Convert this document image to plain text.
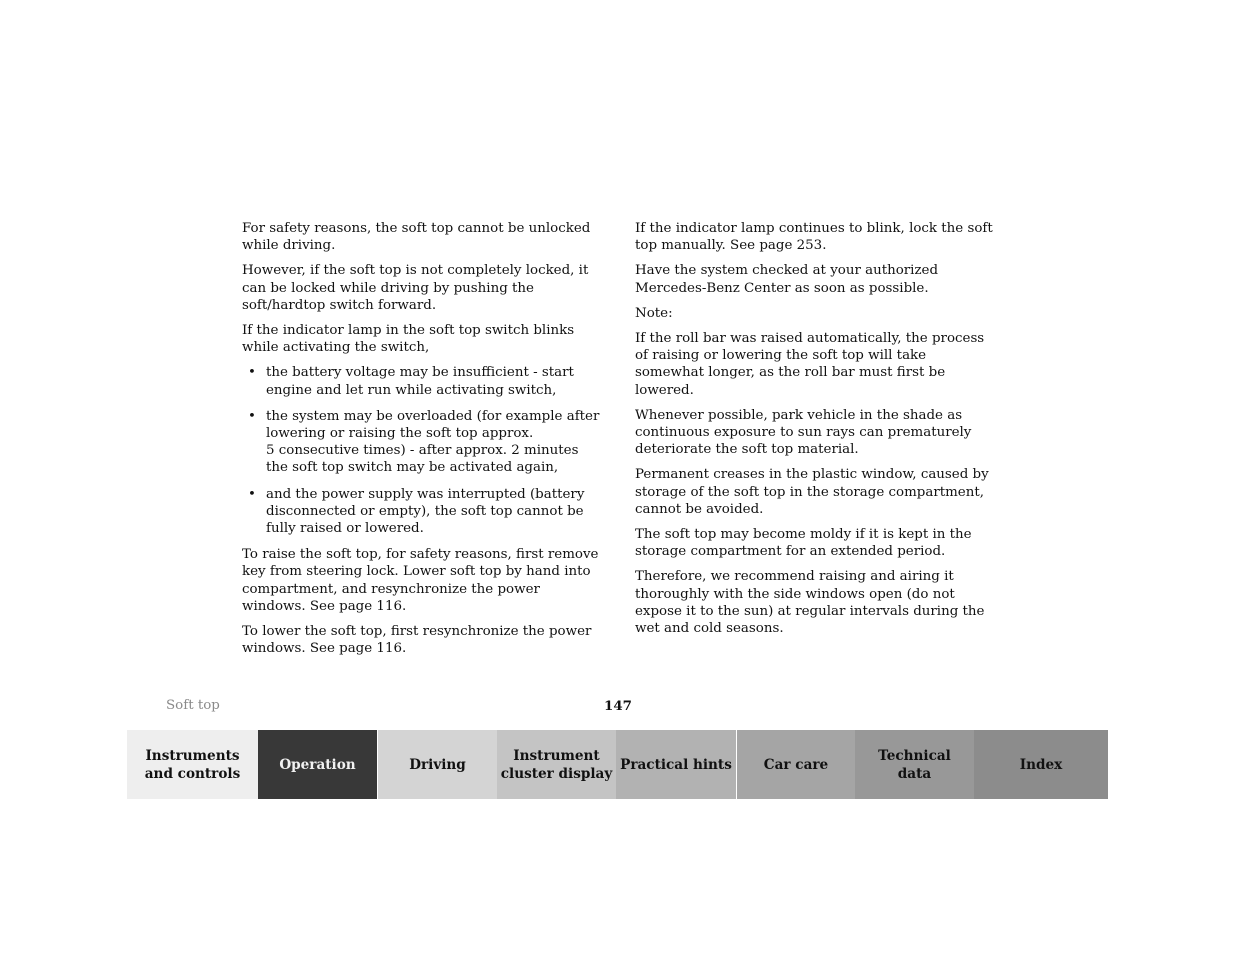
For safety reasons, the soft top cannot be unlocked while driving.

However, if the soft top is not completely locked, it can be locked while driving by pushing the soft/hardtop switch forward.

If the indicator lamp in the soft top switch blinks while activating the switch,

• the battery voltage may be insufficient - start engine and let run while activating switch,
• the system may be overloaded (for example after lowering or raising the soft top approx.
5 consecutive times) - after approx. 2 minutes the soft top switch may be activated again,
• and the power supply was interrupted (battery disconnected or empty), the soft top cannot be fully raised or lowered.

To raise the soft top, for safety reasons, first remove key from steering lock. Lower soft top by hand into compartment, and resynchronize the power windows. See page 116.

To lower the soft top, first resynchronize the power windows. See page 116.

If the indicator lamp continues to blink, lock the soft top manually. See page 253.

Have the system checked at your authorized Mercedes-Benz Center as soon as possible.

Note:

If the roll bar was raised automatically, the process of raising or lowering the soft top will take somewhat longer, as the roll bar must first be lowered.

Whenever possible, park vehicle in the shade as continuous exposure to sun rays can prematurely deteriorate the soft top material.

Permanent creases in the plastic window, caused by storage of the soft top in the storage compartment, cannot be avoided.

The soft top may become moldy if it is kept in the storage compartment for an extended period.

Therefore, we recommend raising and airing it thoroughly with the side windows open (do not expose it to the sun) at regular intervals during the wet and cold seasons.

Soft top	147
Instruments
and controls
Operation	Driving
Instrument
cluster display
Practical hints	Car care
Technical
data
Index
